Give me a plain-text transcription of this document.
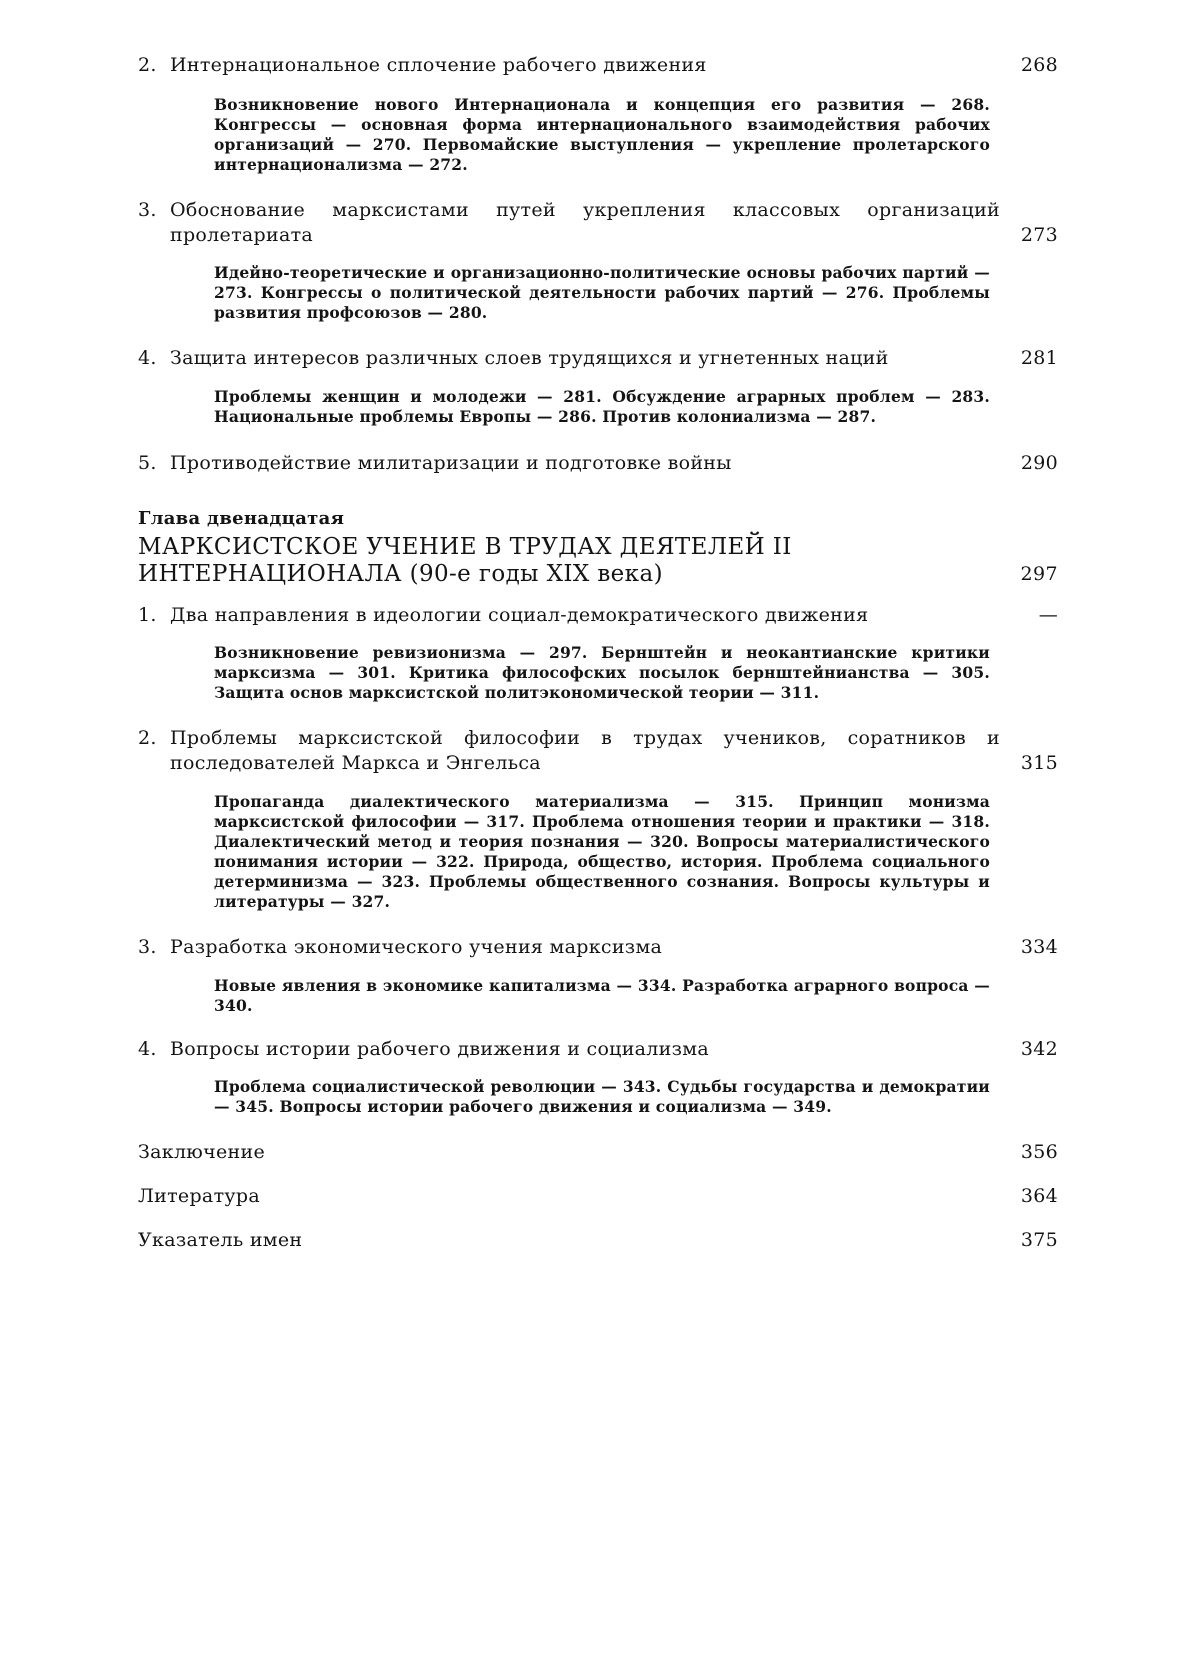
2. Интернациональное сплочение рабочего движения	268
Возникновение нового Интернационала и концепция его развития — 268. Конгрессы — основная форма интернационального взаимодействия рабочих организаций — 270. Первомайские выступления — укрепление пролетарского интернационализма — 272.
3. Обоснование марксистами путей укрепления классовых организаций пролетариата	273
Идейно-теоретические и организационно-политические основы рабочих партий — 273. Конгрессы о политической деятельности рабочих партий — 276. Проблемы развития профсоюзов — 280.
4. Защита интересов различных слоев трудящихся и угнетенных наций	281
Проблемы женщин и молодежи — 281. Обсуждение аграрных проблем — 283. Национальные проблемы Европы — 286. Против колониализма — 287.
5. Противодействие милитаризации и подготовке войны	290
Глава двенадцатая
МАРКСИСТСКОЕ УЧЕНИЕ В ТРУДАХ ДЕЯТЕЛЕЙ II ИНТЕРНАЦИОНАЛА (90-е годы XIX века)	297
1. Два направления в идеологии социал-демократического движения	—
Возникновение ревизионизма — 297. Бернштейн и неокантианские критики марксизма — 301. Критика философских посылок бернштейнианства — 305. Защита основ марксистской политэкономической теории — 311.
2. Проблемы марксистской философии в трудах учеников, соратников и последователей Маркса и Энгельса	315
Пропаганда диалектического материализма — 315. Принцип монизма марксистской философии — 317. Проблема отношения теории и практики — 318. Диалектический метод и теория познания — 320. Вопросы материалистического понимания истории — 322. Природа, общество, история. Проблема социального детерминизма — 323. Проблемы общественного сознания. Вопросы культуры и литературы — 327.
3. Разработка экономического учения марксизма	334
Новые явления в экономике капитализма — 334. Разработка аграрного вопроса — 340.
4. Вопросы истории рабочего движения и социализма	342
Проблема социалистической революции — 343. Судьбы государства и демократии — 345. Вопросы истории рабочего движения и социализма — 349.
Заключение	356
Литература	364
Указатель имен	375
